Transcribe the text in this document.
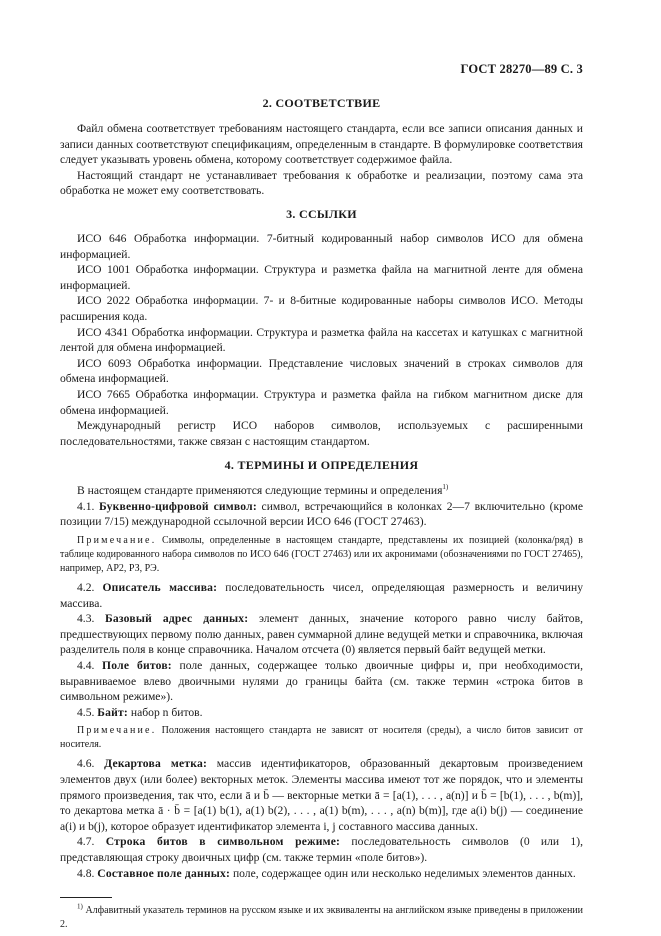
ГОСТ 28270—89 С. 3
2. СООТВЕТСТВИЕ

Файл обмена соответствует требованиям настоящего стандарта, если все записи описания данных и записи данных соответствуют спецификациям, определенным в стандарте. В формулировке соответствия следует указывать уровень обмена, которому соответствует содержимое файла.

Настоящий стандарт не устанавливает требования к обработке и реализации, поэтому сама эта обработка не может ему соответствовать.

3. ССЫЛКИ

ИСО 646 Обработка информации. 7-битный кодированный набор символов ИСО для обмена информацией.

ИСО 1001 Обработка информации. Структура и разметка файла на магнитной ленте для обмена информацией.

ИСО 2022 Обработка информации. 7- и 8-битные кодированные наборы символов ИСО. Методы расширения кода.

ИСО 4341 Обработка информации. Структура и разметка файла на кассетах и катушках с магнитной лентой для обмена информацией.

ИСО 6093 Обработка информации. Представление числовых значений в строках символов для обмена информацией.

ИСО 7665 Обработка информации. Структура и разметка файла на гибком магнитном диске для обмена информацией.

Международный регистр ИСО наборов символов, используемых с расширенными последовательностями, также связан с настоящим стандартом.

4. ТЕРМИНЫ И ОПРЕДЕЛЕНИЯ

В настоящем стандарте применяются следующие термины и определения$^{1)}$

4.1. Буквенно-цифровой символ: символ, встречающийся в колонках 2—7 включительно (кроме позиции 7/15) международной ссылочной версии ИСО 646 (ГОСТ 27463).

Примечание. Символы, определенные в настоящем стандарте, представлены их позицией (колонка/ряд) в таблице кодированного набора символов по ИСО 646 (ГОСТ 27463) или их акронимами (обозначениями по ГОСТ 27465), например, АР2, РЗ, РЭ.

4.2. Описатель массива: последовательность чисел, определяющая размерность и величину массива.

4.3. Базовый адрес данных: элемент данных, значение которого равно числу байтов, предшествующих первому полю данных, равен суммарной длине ведущей метки и справочника, включая разделитель поля в конце справочника. Началом отсчета (0) является первый байт ведущей метки.

4.4. Поле битов: поле данных, содержащее только двоичные цифры и, при необходимости, выравниваемое влево двоичными нулями до границы байта (см. также термин «строка битов в символьном режиме»).

4.5. Байт: набор n битов.

Примечание. Положения настоящего стандарта не зависят от носителя (среды), а число битов зависит от носителя.

4.6. Декартова метка: массив идентификаторов, образованный декартовым произведением элементов двух (или более) векторных меток. Элементы массива имеют тот же порядок, что и элементы прямого произведения, так что, если ā и b̄ — векторные метки ā = [a(1), . . . , a(n)] и b̄ = [b(1), . . . , b(m)], то декартова метка ā · b̄ = [a(1) b(1), a(1) b(2), . . . , a(1) b(m), . . . , a(n) b(m)], где a(i) b(j) — соединение a(i) и b(j), которое образует идентификатор элемента i, j составного массива данных.

4.7. Строка битов в символьном режиме: последовательность символов (0 или 1), представляющая строку двоичных цифр (см. также термин «поле битов»).

4.8. Составное поле данных: поле, содержащее один или несколько неделимых элементов данных.

$^{1)}$ Алфавитный указатель терминов на русском языке и их эквиваленты на английском языке приведены в приложении 2.
